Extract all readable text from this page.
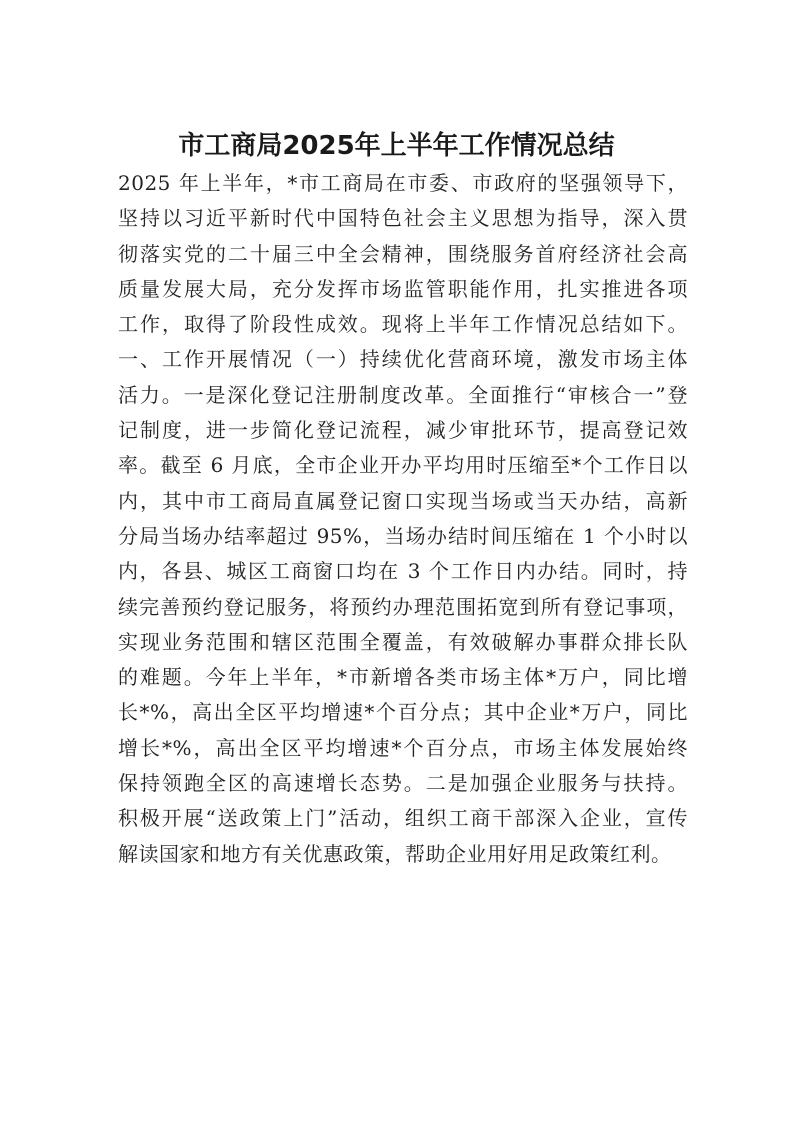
市工商局2025年上半年工作情况总结
2025 年上半年，*市工商局在市委、市政府的坚强领导下，
坚持以习近平新时代中国特色社会主义思想为指导，深入贯
彻落实党的二十届三中全会精神，围绕服务首府经济社会高
质量发展大局，充分发挥市场监管职能作用，扎实推进各项
工作，取得了阶段性成效。现将上半年工作情况总结如下。
一、工作开展情况（一）持续优化营商环境，激发市场主体
活力。一是深化登记注册制度改革。全面推行“审核合一”登
记制度，进一步简化登记流程，减少审批环节，提高登记效
率。截至 6 月底，全市企业开办平均用时压缩至*个工作日以
内，其中市工商局直属登记窗口实现当场或当天办结，高新
分局当场办结率超过 95%，当场办结时间压缩在 1 个小时以
内，各县、城区工商窗口均在 3 个工作日内办结。同时，持
续完善预约登记服务，将预约办理范围拓宽到所有登记事项，
实现业务范围和辖区范围全覆盖，有效破解办事群众排长队
的难题。今年上半年，*市新增各类市场主体*万户，同比增
长*%，高出全区平均增速*个百分点；其中企业*万户，同比
增长*%，高出全区平均增速*个百分点，市场主体发展始终
保持领跑全区的高速增长态势。二是加强企业服务与扶持。
积极开展“送政策上门”活动，组织工商干部深入企业，宣传
解读国家和地方有关优惠政策，帮助企业用好用足政策红利。
